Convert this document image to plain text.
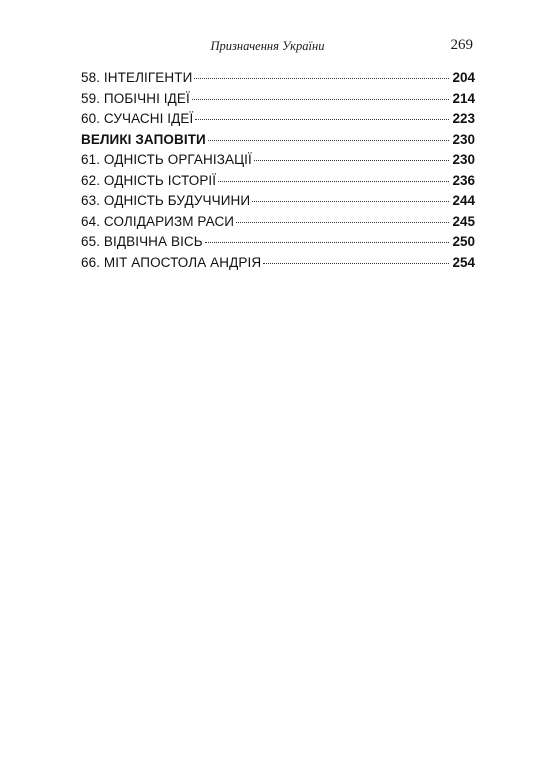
Призначення України	269
58. ІНТЕЛІГЕНТИ	204
59. ПОБІЧНІ ІДЕЇ	214
60. СУЧАСНІ ІДЕЇ	223
ВЕЛИКІ ЗАПОВІТИ	230
61. ОДНІСТЬ ОРГАНІЗАЦІЇ	230
62. ОДНІСТЬ ІСТОРІЇ	236
63. ОДНІСТЬ БУДУЧЧИНИ	244
64. СОЛІДАРИЗМ РАСИ	245
65. ВІДВІЧНА ВІСЬ	250
66. МІТ АПОСТОЛА АНДРІЯ	254
